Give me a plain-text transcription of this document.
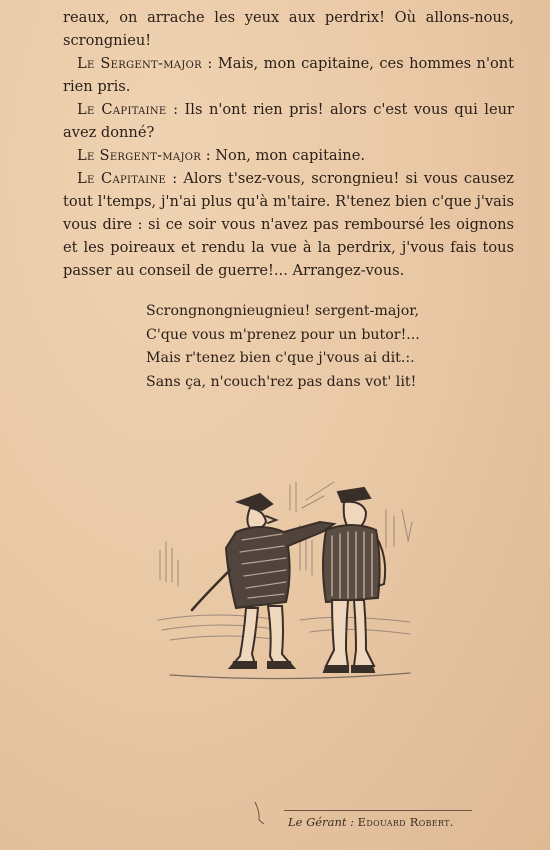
reaux, on arrache les yeux aux perdrix! Où allons-nous, scrongnieu!

Le Sergent-major : Mais, mon capitaine, ces hommes n'ont rien pris.

Le Capitaine : Ils n'ont rien pris! alors c'est vous qui leur avez donné?

Le Sergent-major : Non, mon capitaine.

Le Capitaine : Alors t'sez-vous, scrongnieu! si vous causez tout l'temps, j'n'ai plus qu'à m'taire. R'tenez bien c'que j'vais vous dire : si ce soir vous n'avez pas remboursé les oignons et les poireaux et rendu la vue à la perdrix, j'vous fais tous passer au conseil de guerre!... Arrangez-vous.

Scrongnongnieugnieu! sergent-major,
C'que vous m'prenez pour un butor!...
Mais r'tenez bien c'que j'vous ai dit.:.
Sans ça, n'couch'rez pas dans vot' lit!
Le Gérant : Edouard Robert.
